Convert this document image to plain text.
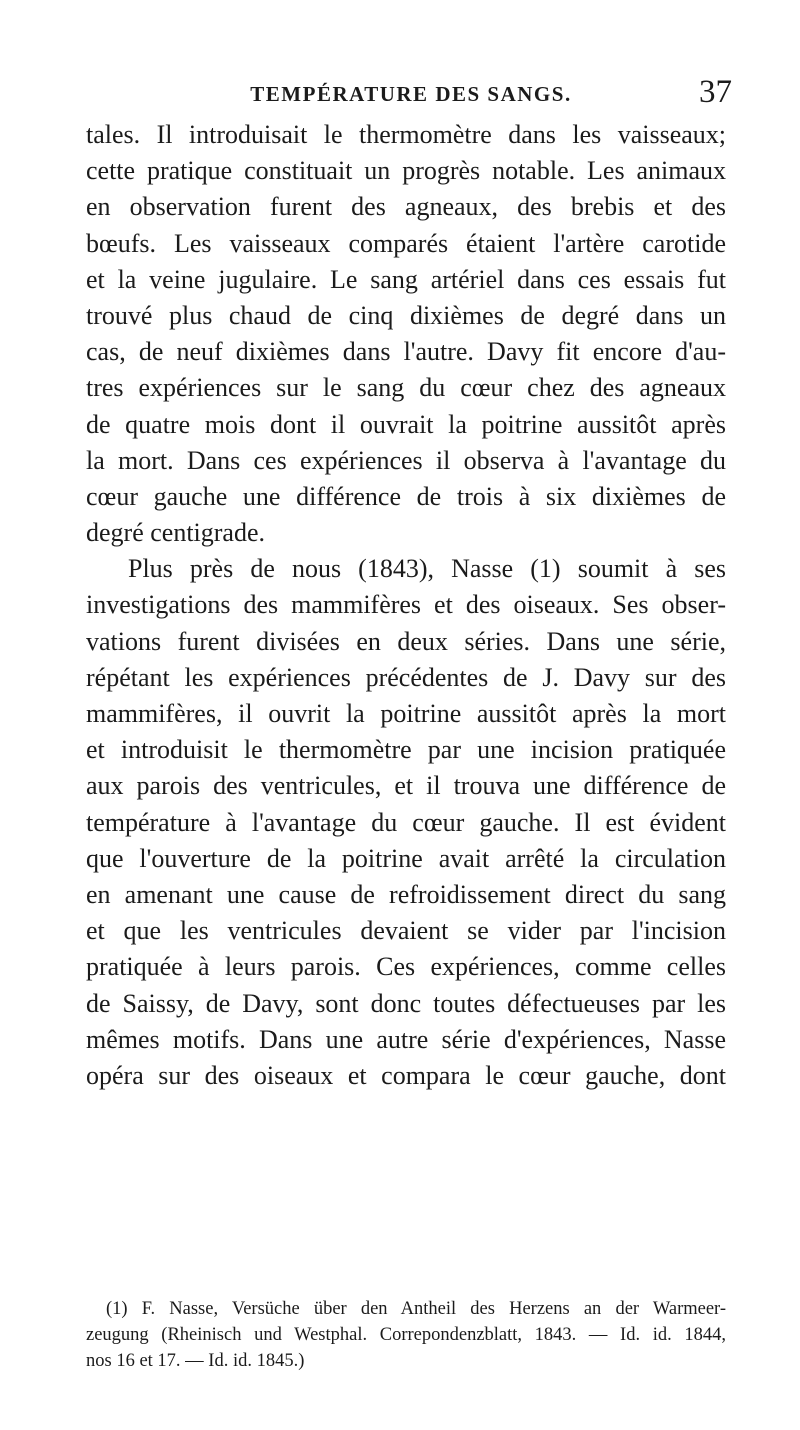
TEMPÉRATURE DES SANGS.	37
tales. Il introduisait le thermomètre dans les vaisseaux;
cette pratique constituait un progrès notable. Les animaux
en observation furent des agneaux, des brebis et des
bœufs. Les vaisseaux comparés étaient l'artère carotide
et la veine jugulaire. Le sang artériel dans ces essais fut
trouvé plus chaud de cinq dixièmes de degré dans un
cas, de neuf dixièmes dans l'autre. Davy fit encore d'au-
tres expériences sur le sang du cœur chez des agneaux
de quatre mois dont il ouvrait la poitrine aussitôt après
la mort. Dans ces expériences il observa à l'avantage du
cœur gauche une différence de trois à six dixièmes de
degré centigrade.
Plus près de nous (1843), Nasse (1) soumit à ses
investigations des mammifères et des oiseaux. Ses obser-
vations furent divisées en deux séries. Dans une série,
répétant les expériences précédentes de J. Davy sur des
mammifères, il ouvrit la poitrine aussitôt après la mort
et introduisit le thermomètre par une incision pratiquée
aux parois des ventricules, et il trouva une différence de
température à l'avantage du cœur gauche. Il est évident
que l'ouverture de la poitrine avait arrêté la circulation
en amenant une cause de refroidissement direct du sang
et que les ventricules devaient se vider par l'incision
pratiquée à leurs parois. Ces expériences, comme celles
de Saissy, de Davy, sont donc toutes défectueuses par les
mêmes motifs. Dans une autre série d'expériences, Nasse
opéra sur des oiseaux et compara le cœur gauche, dont
(1) F. Nasse, Versüche über den Antheil des Herzens an der Warmeer-
zeugung (Rheinisch und Westphal. Correpondenzblatt, 1843. — Id. id. 1844,
nos 16 et 17. — Id. id. 1845.)
